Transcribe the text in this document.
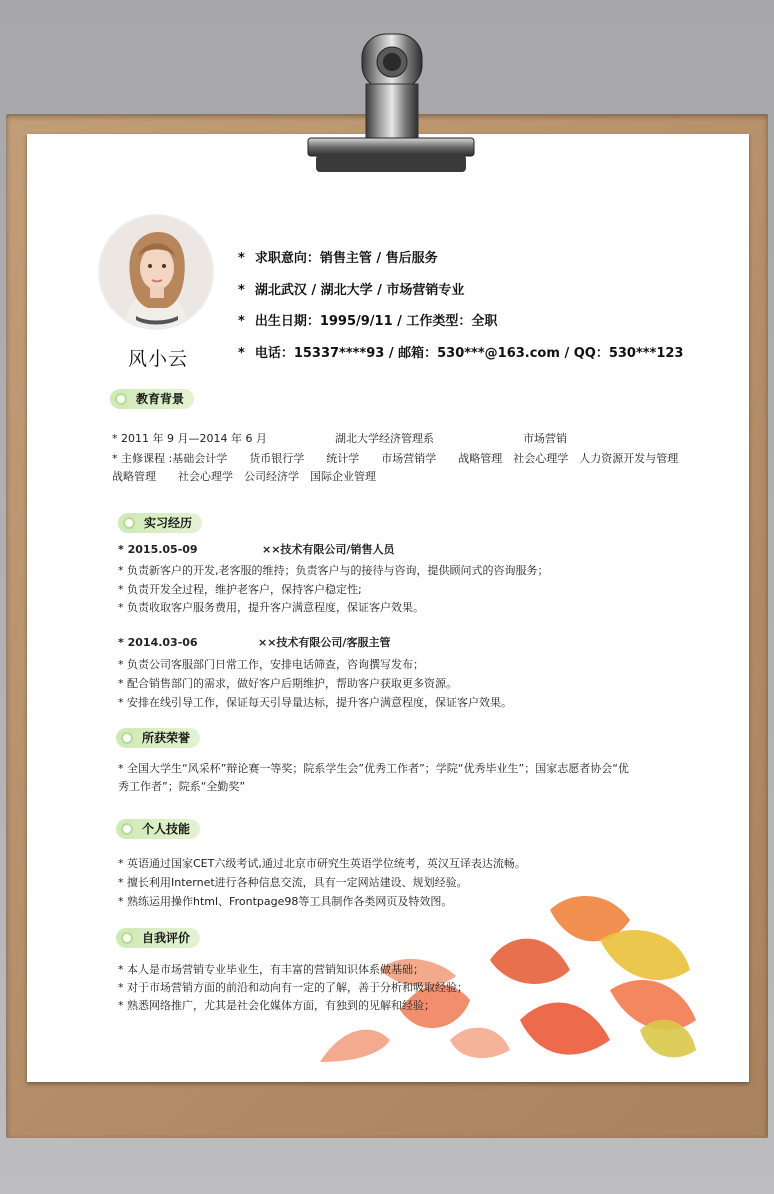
风小云
* 求职意向：销售主管 / 售后服务
* 湖北武汉 / 湖北大学 / 市场营销专业
* 出生日期：1995/9/11 / 工作类型：全职
* 电话：15337****93 / 邮箱：530***@163.com / QQ：530***123
教育背景
* 2011 年 9 月—2014 年 6 月	湖北大学经济管理系	市场营销
* 主修课程 :基础会计学　　货币银行学　　统计学　　市场营销学　　战略管理　社会心理学　人力资源开发与管理
战略管理　　社会心理学　公司经济学　国际企业管理
实习经历
* 2015.05-09	××技术有限公司/销售人员
* 负责新客户的开发,老客服的维持；负责客户与的接待与咨询，提供顾问式的咨询服务；
* 负责开发全过程，维护老客户，保持客户稳定性;
* 负责收取客户服务费用，提升客户满意程度，保证客户效果。
* 2014.03-06	××技术有限公司/客服主管
* 负责公司客服部门日常工作，安排电话筛查，咨询撰写发布；
* 配合销售部门的需求，做好客户后期维护，帮助客户获取更多资源。
* 安排在线引导工作，保证每天引导量达标，提升客户满意程度，保证客户效果。
所获荣誉
* 全国大学生“风采杯”辩论赛一等奖；院系学生会”优秀工作者”；学院“优秀毕业生”；国家志愿者协会“优
秀工作者”；院系“全勤奖”
个人技能
* 英语通过国家CET六级考试,通过北京市研究生英语学位统考，英汉互译表达流畅。
* 擅长利用Internet进行各种信息交流，具有一定网站建设、规划经验。
* 熟练运用操作html、Frontpage98等工具制作各类网页及特效图。
自我评价
* 本人是市场营销专业毕业生，有丰富的营销知识体系做基础；
* 对于市场营销方面的前沿和动向有一定的了解，善于分析和吸取经验；
* 熟悉网络推广，尤其是社会化媒体方面，有独到的见解和经验；
